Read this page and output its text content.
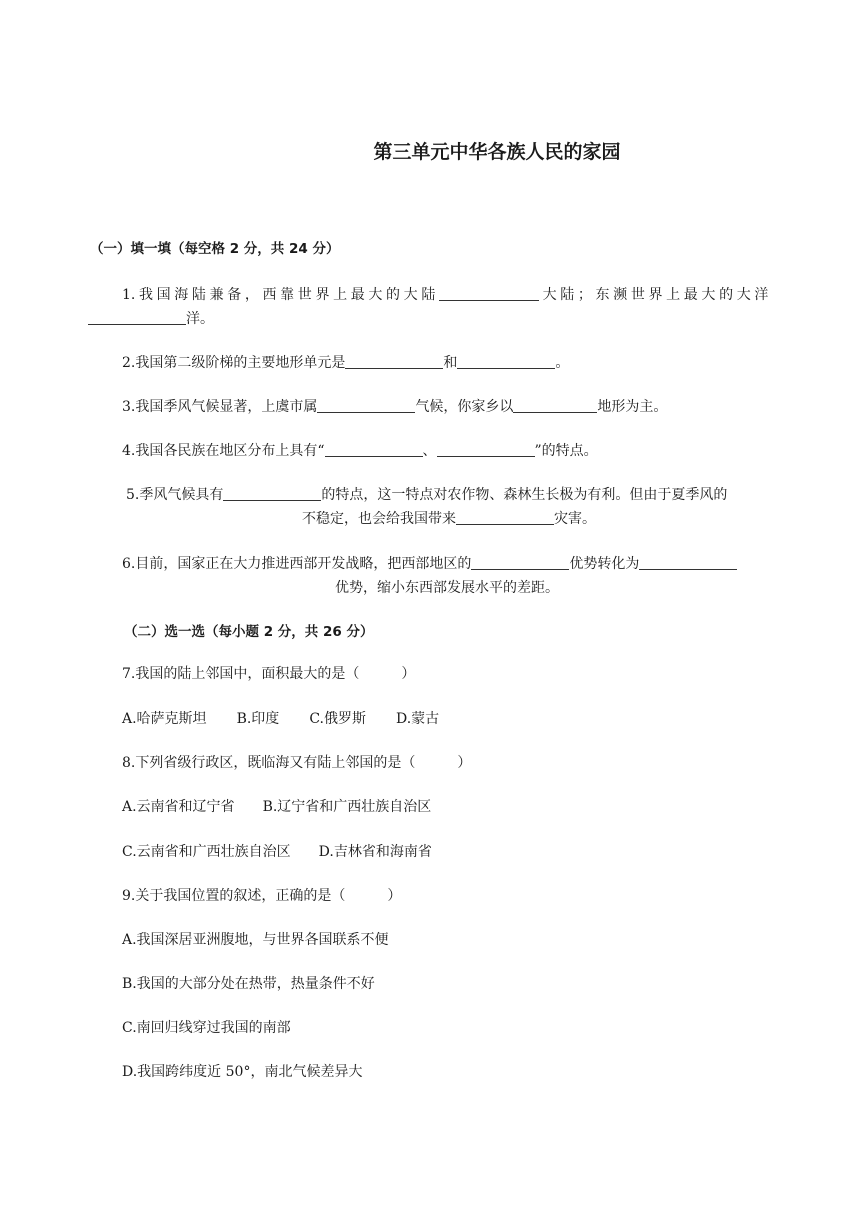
第三单元中华各族人民的家园
（一）填一填（每空格 2 分，共 24 分）
1.我国海陆兼备，西靠世界上最大的大陆	大陆；东濒世界上最大的大洋
洋。
2.我国第二级阶梯的主要地形单元是	和	。
3.我国季风气候显著，上虞市属	气候，你家乡以	地形为主。
4.我国各民族在地区分布上具有“	、	”的特点。
5.季风气候具有	的特点，这一特点对农作物、森林生长极为有利。但由于夏季风的
不稳定，也会给我国带来	灾害。
6.目前，国家正在大力推进西部开发战略，把西部地区的	优势转化为
优势，缩小东西部发展水平的差距。
（二）选一选（每小题 2 分，共 26 分）
7.我国的陆上邻国中，面积最大的是（　　　）
A.哈萨克斯坦 B.印度 C.俄罗斯 D.蒙古
8.下列省级行政区，既临海又有陆上邻国的是（　　　）
A.云南省和辽宁省 B.辽宁省和广西壮族自治区
C.云南省和广西壮族自治区 D.吉林省和海南省
9.关于我国位置的叙述，正确的是（　　　）
A.我国深居亚洲腹地，与世界各国联系不便
B.我国的大部分处在热带，热量条件不好
C.南回归线穿过我国的南部
D.我国跨纬度近 50°，南北气候差异大
